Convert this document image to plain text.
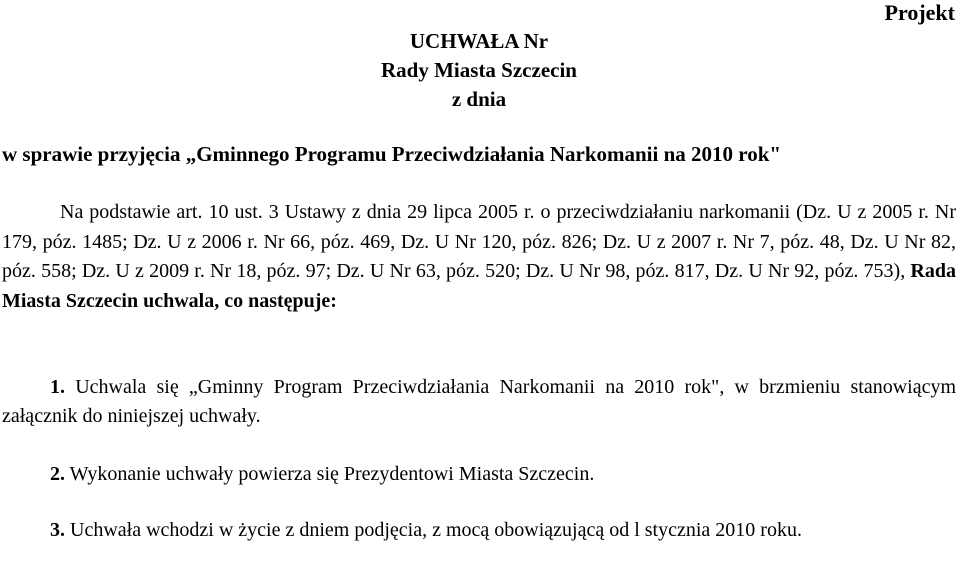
Projekt
UCHWAŁA Nr
Rady Miasta Szczecin
z dnia
w sprawie przyjęcia „Gminnego Programu Przeciwdziałania Narkomanii na 2010 rok"
Na podstawie art. 10 ust. 3 Ustawy z dnia 29 lipca 2005 r. o przeciwdziałaniu narkomanii (Dz. U z 2005 r. Nr 179, póz. 1485; Dz. U z 2006 r. Nr 66, póz. 469, Dz. U Nr 120, póz. 826; Dz. U z 2007 r. Nr 7, póz. 48, Dz. U Nr 82, póz. 558; Dz. U z 2009 r. Nr 18, póz. 97; Dz. U Nr 63, póz. 520; Dz. U Nr 98, póz. 817, Dz. U Nr 92, póz. 753), Rada Miasta Szczecin uchwala, co następuje:
1. Uchwala się „Gminny Program Przeciwdziałania Narkomanii na 2010 rok", w brzmieniu stanowiącym załącznik do niniejszej uchwały.
2. Wykonanie uchwały powierza się Prezydentowi Miasta Szczecin.
3. Uchwała wchodzi w życie z dniem podjęcia, z mocą obowiązującą od l stycznia 2010 roku.
